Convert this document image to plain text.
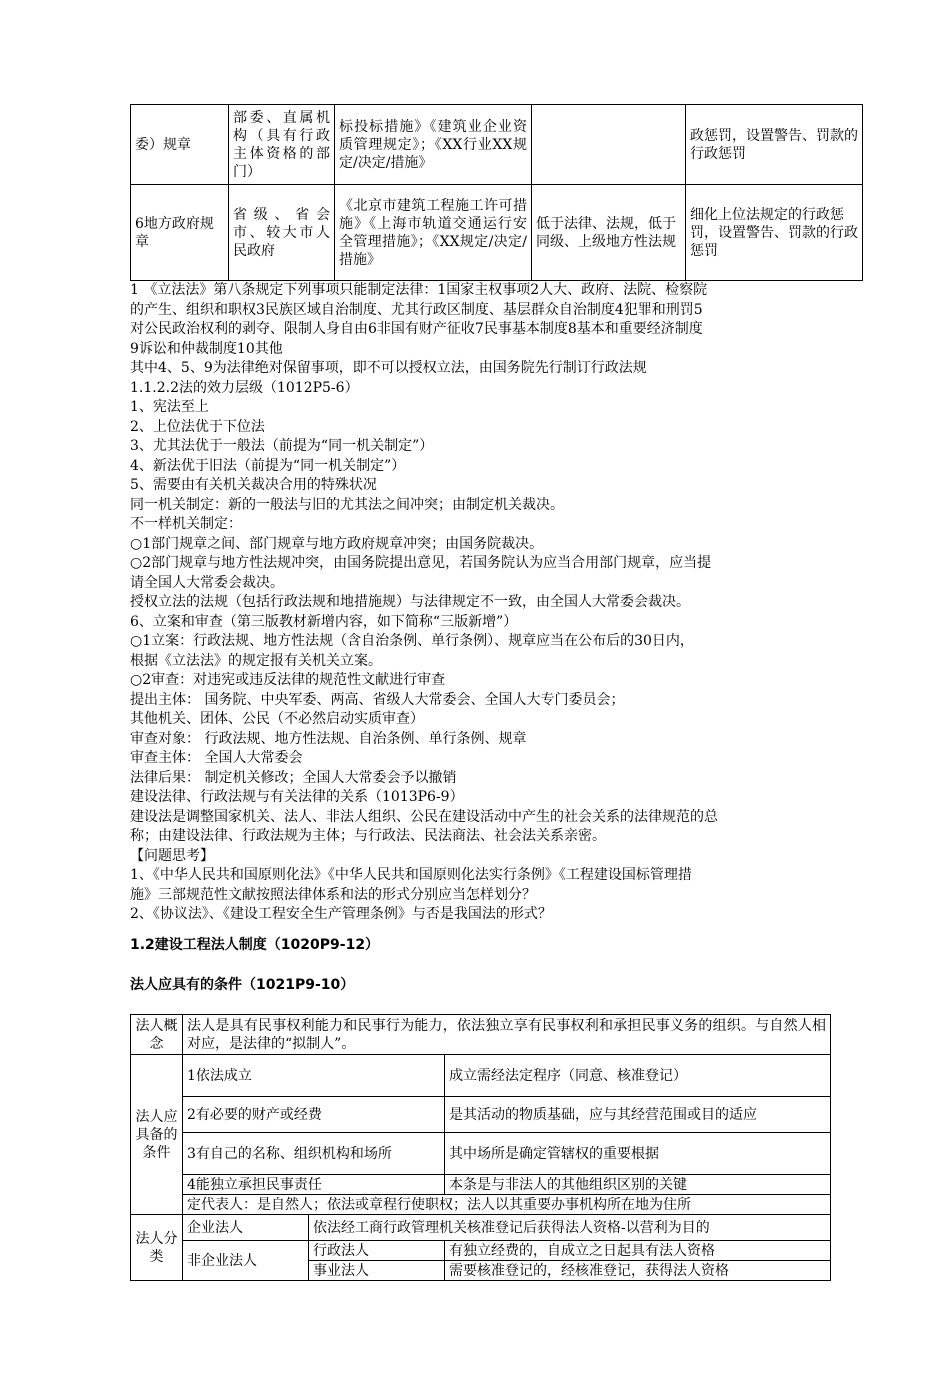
委）规章	部委、直属机构（具有行政主体资格的部门）	标投标措施》《建筑业企业资质管理规定》；《XX行业XX规定/决定/措施》		政惩罚，设置警告、罚款的行政惩罚
6地方政府规章	省级、省会市、较大市人民政府	《北京市建筑工程施工许可措施》《上海市轨道交通运行安全管理措施》；《XX规定/决定/措施》	低于法律、法规，低于同级、上级地方性法规	细化上位法规定的行政惩罚，设置警告、罚款的行政惩罚

1 《立法法》第八条规定下列事项只能制定法律：1国家主权事项2人大、政府、法院、检察院

的产生、组织和职权3民族区域自治制度、尤其行政区制度、基层群众自治制度4犯罪和刑罚5

对公民政治权利的剥夺、限制人身自由6非国有财产征收7民事基本制度8基本和重要经济制度

9诉讼和仲裁制度10其他

其中4、5、9为法律绝对保留事项，即不可以授权立法，由国务院先行制订行政法规

1.1.2.2法的效力层级（1012P5-6）

1、宪法至上

2、上位法优于下位法

3、尤其法优于一般法（前提为“同一机关制定”）

4、新法优于旧法（前提为“同一机关制定”）

5、需要由有关机关裁决合用的特殊状况

同一机关制定：新的一般法与旧的尤其法之间冲突；由制定机关裁决。

不一样机关制定：

○1部门规章之间、部门规章与地方政府规章冲突；由国务院裁决。

○2部门规章与地方性法规冲突，由国务院提出意见，若国务院认为应当合用部门规章，应当提

请全国人大常委会裁决。

授权立法的法规（包括行政法规和地措施规）与法律规定不一致，由全国人大常委会裁决。

6、立案和审查（第三版教材新增内容，如下简称“三版新增”）

○1立案：行政法规、地方性法规（含自治条例、单行条例）、规章应当在公布后的30日内，

根据《立法法》的规定报有关机关立案。

○2审查：对违宪或违反法律的规范性文献进行审查

提出主体： 国务院、中央军委、两高、省级人大常委会、全国人大专门委员会；

其他机关、团体、公民（不必然启动实质审查）

审查对象： 行政法规、地方性法规、自治条例、单行条例、规章

审查主体： 全国人大常委会

法律后果： 制定机关修改；全国人大常委会予以撤销

建设法律、行政法规与有关法律的关系（1013P6-9）

建设法是调整国家机关、法人、非法人组织、公民在建设活动中产生的社会关系的法律规范的总

称；由建设法律、行政法规为主体；与行政法、民法商法、社会法关系亲密。

【问题思考】

1、《中华人民共和国原则化法》《中华人民共和国原则化法实行条例》《工程建设国标管理措

施》三部规范性文献按照法律体系和法的形式分别应当怎样划分？

2、《协议法》、《建设工程安全生产管理条例》与否是我国法的形式？

1.2建设工程法人制度（1020P9-12）
法人应具有的条件（1021P9-10）
法人概念	法人是具有民事权利能力和民事行为能力，依法独立享有民事权利和承担民事义务的组织。与自然人相对应，是法律的“拟制人”。		
法人应具备的条件	1依法成立		成立需经法定程序（同意、核准登记）
	2有必要的财产或经费		是其活动的物质基础，应与其经营范围或目的适应
	3有自己的名称、组织机构和场所		其中场所是确定管辖权的重要根据
	4能独立承担民事责任		本条是与非法人的其他组织区别的关键
	定代表人：是自然人；依法或章程行使职权；法人以其重要办事机构所在地为住所		
法人分类	企业法人	依法经工商行政管理机关核准登记后获得法人资格-以营利为目的	
	非企业法人	行政法人	有独立经费的，自成立之日起具有法人资格
		事业法人	需要核准登记的，经核准登记，获得法人资格
